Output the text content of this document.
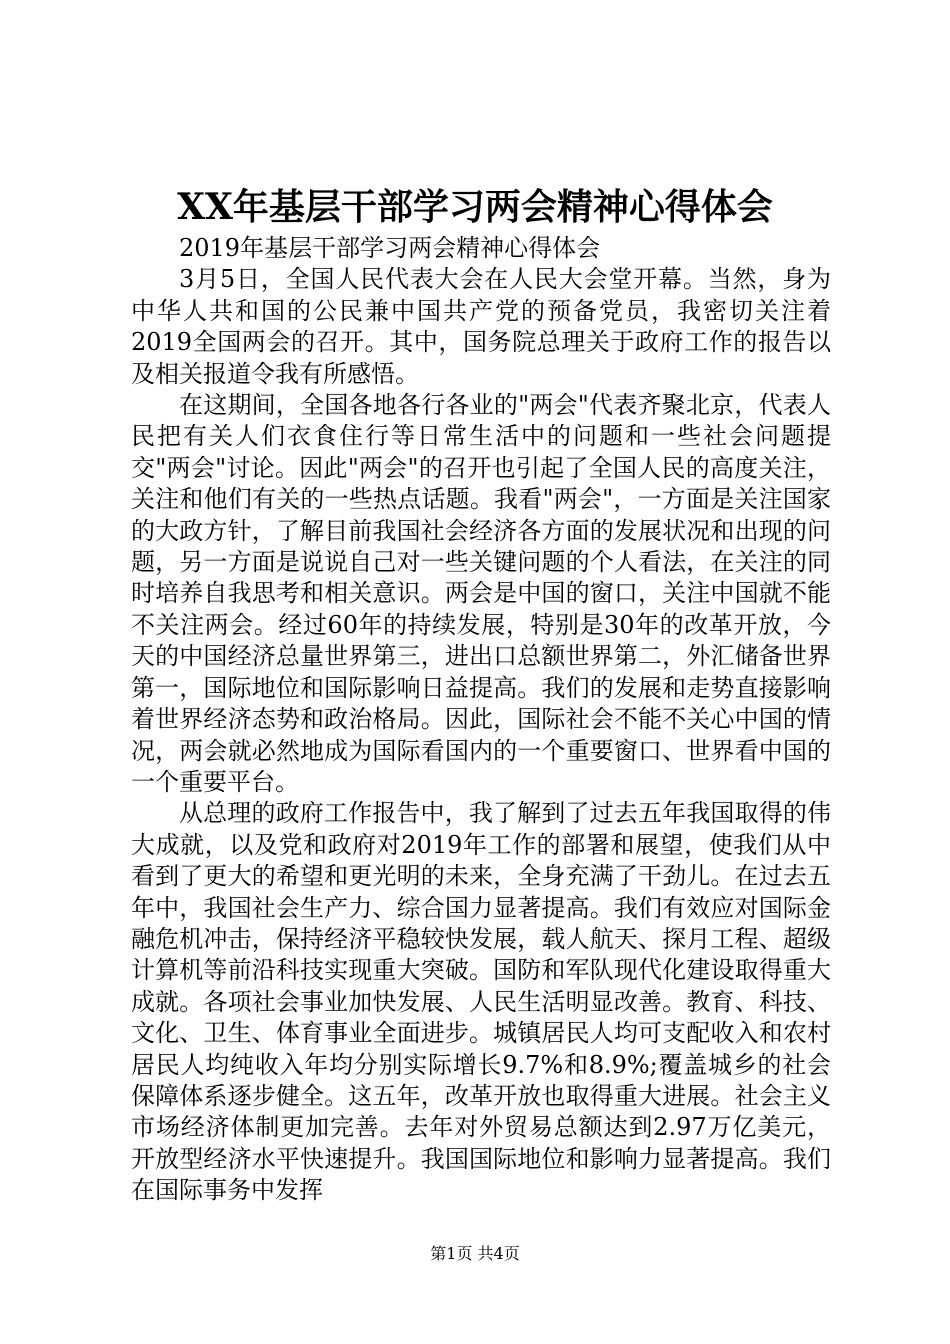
XX年基层干部学习两会精神心得体会

2019年基层干部学习两会精神心得体会

3月5日，全国人民代表大会在人民大会堂开幕。当然，身为中华人共和国的公民兼中国共产党的预备党员，我密切关注着2019全国两会的召开。其中，国务院总理关于政府工作的报告以及相关报道令我有所感悟。

在这期间，全国各地各行各业的"两会"代表齐聚北京，代表人民把有关人们衣食住行等日常生活中的问题和一些社会问题提交"两会"讨论。因此"两会"的召开也引起了全国人民的高度关注，关注和他们有关的一些热点话题。我看"两会"，一方面是关注国家的大政方针，了解目前我国社会经济各方面的发展状况和出现的问题，另一方面是说说自己对一些关键问题的个人看法，在关注的同时培养自我思考和相关意识。两会是中国的窗口，关注中国就不能不关注两会。经过60年的持续发展，特别是30年的改革开放，今天的中国经济总量世界第三，进出口总额世界第二，外汇储备世界第一，国际地位和国际影响日益提高。我们的发展和走势直接影响着世界经济态势和政治格局。因此，国际社会不能不关心中国的情况，两会就必然地成为国际看国内的一个重要窗口、世界看中国的一个重要平台。

从总理的政府工作报告中，我了解到了过去五年我国取得的伟大成就，以及党和政府对2019年工作的部署和展望，使我们从中看到了更大的希望和更光明的未来，全身充满了干劲儿。在过去五年中，我国社会生产力、综合国力显著提高。我们有效应对国际金融危机冲击，保持经济平稳较快发展，载人航天、探月工程、超级计算机等前沿科技实现重大突破。国防和军队现代化建设取得重大成就。各项社会事业加快发展、人民生活明显改善。教育、科技、文化、卫生、体育事业全面进步。城镇居民人均可支配收入和农村居民人均纯收入年均分别实际增长9.7%和8.9%;覆盖城乡的社会保障体系逐步健全。这五年，改革开放也取得重大进展。社会主义市场经济体制更加完善。去年对外贸易总额达到2.97万亿美元，开放型经济水平快速提升。我国国际地位和影响力显著提高。我们在国际事务中发挥

第1页 共4页
